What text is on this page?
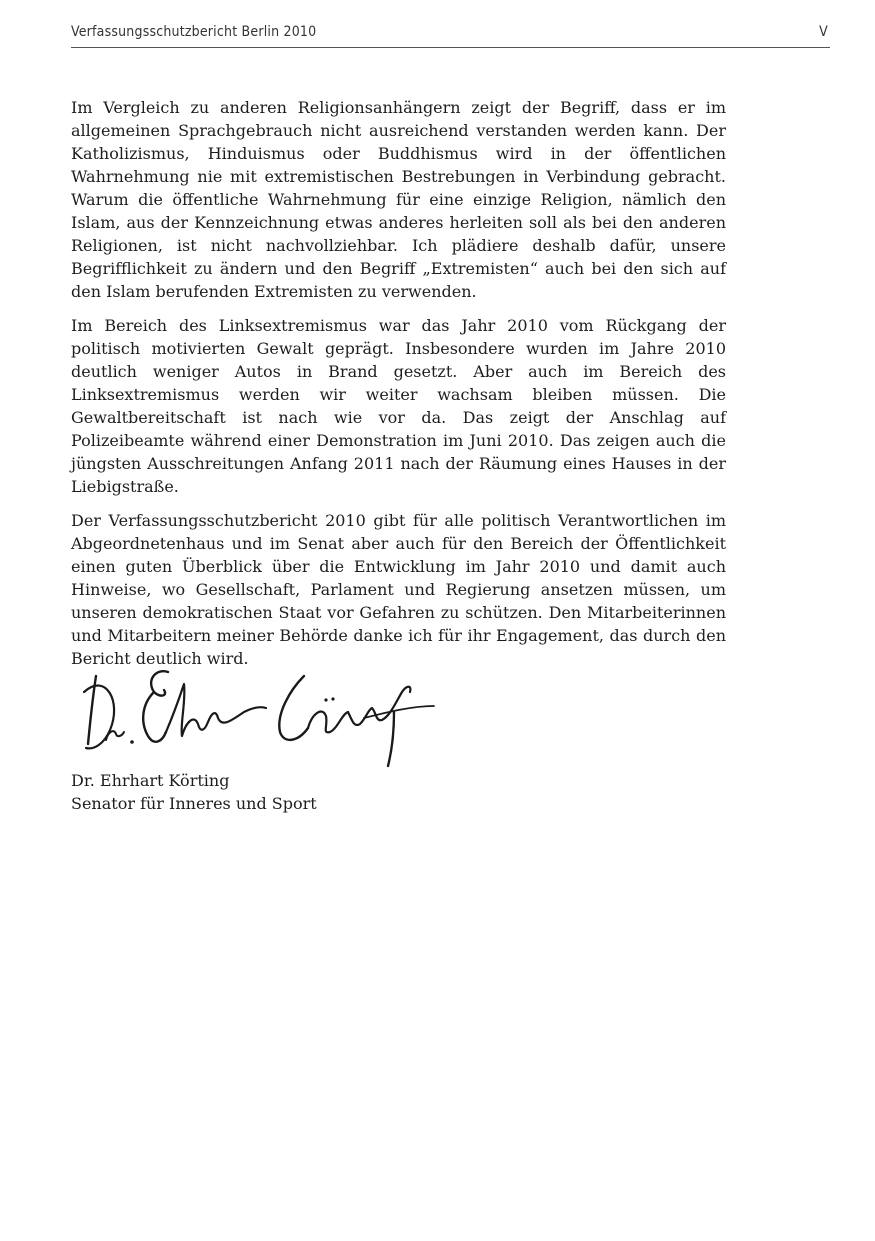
Verfassungsschutzbericht Berlin 2010	V

Im Vergleich zu anderen Religionsanhängern zeigt der Begriff, dass er im allgemeinen Sprachgebrauch nicht ausreichend verstanden werden kann. Der Katholizismus, Hinduismus oder Buddhismus wird in der öffentlichen Wahrnehmung nie mit extremistischen Bestrebungen in Verbindung gebracht. Warum die öffentliche Wahrnehmung für eine einzige Religion, nämlich den Islam, aus der Kennzeichnung etwas anderes herleiten soll als bei den anderen Religionen, ist nicht nachvollziehbar. Ich plädiere deshalb dafür, unsere Begrifflichkeit zu ändern und den Begriff „Extremisten“ auch bei den sich auf den Islam berufenden Extremisten zu verwenden.

Im Bereich des Linksextremismus war das Jahr 2010 vom Rückgang der politisch motivierten Gewalt geprägt. Insbesondere wurden im Jahre 2010 deutlich weniger Autos in Brand gesetzt. Aber auch im Bereich des Linksextremismus werden wir weiter wachsam bleiben müssen. Die Gewaltbereitschaft ist nach wie vor da. Das zeigt der Anschlag auf Polizeibeamte während einer Demonstration im Juni 2010. Das zeigen auch die jüngsten Ausschreitungen Anfang 2011 nach der Räumung eines Hauses in der Liebigstraße.

Der Verfassungsschutzbericht 2010 gibt für alle politisch Verantwortlichen im Abgeordnetenhaus und im Senat aber auch für den Bereich der Öffentlichkeit einen guten Überblick über die Entwicklung im Jahr 2010 und damit auch Hinweise, wo Gesellschaft, Parlament und Regierung ansetzen müssen, um unseren demokratischen Staat vor Gefahren zu schützen. Den Mitarbeiterinnen und Mitarbeitern meiner Behörde danke ich für ihr Engagement, das durch den Bericht deutlich wird.

Dr. Ehrhart Körting
Senator für Inneres und Sport
